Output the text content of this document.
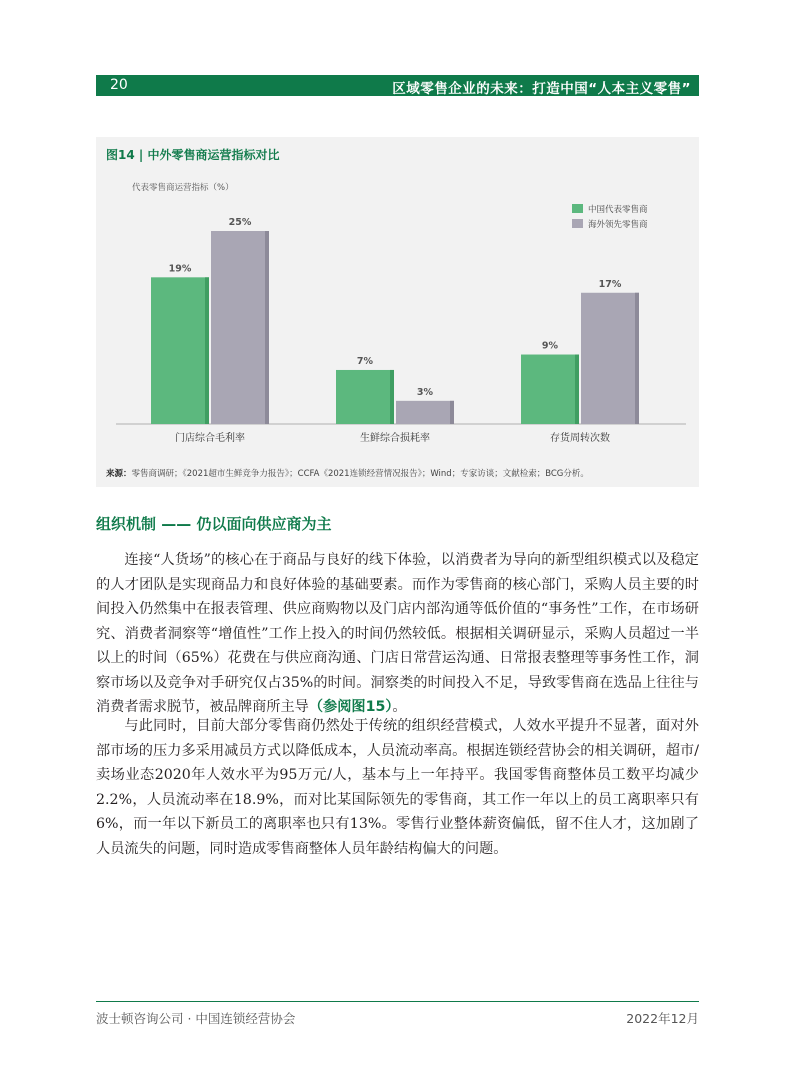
20	区域零售企业的未来：打造中国“人本主义零售”
图14 | 中外零售商运营指标对比
代表零售商运营指标（%）
中国代表零售商
海外领先零售商
19%
25%
门店综合毛利率
7%
3%
生鲜综合损耗率
9%
17%
存货周转次数
来源：零售商调研；《2021超市生鲜竞争力报告》；CCFA《2021连锁经营情况报告》；Wind；专家访谈；文献检索；BCG分析。
组织机制 —— 仍以面向供应商为主

连接“人货场”的核心在于商品与良好的线下体验，以消费者为导向的新型组织模式以及稳定的人才团队是实现商品力和良好体验的基础要素。而作为零售商的核心部门，采购人员主要的时间投入仍然集中在报表管理、供应商购物以及门店内部沟通等低价值的“事务性”工作，在市场研究、消费者洞察等“增值性”工作上投入的时间仍然较低。根据相关调研显示，采购人员超过一半以上的时间（65%）花费在与供应商沟通、门店日常营运沟通、日常报表整理等事务性工作，洞察市场以及竞争对手研究仅占35%的时间。洞察类的时间投入不足，导致零售商在选品上往往与消费者需求脱节，被品牌商所主导（参阅图15）。

与此同时，目前大部分零售商仍然处于传统的组织经营模式，人效水平提升不显著，面对外部市场的压力多采用减员方式以降低成本，人员流动率高。根据连锁经营协会的相关调研，超市/卖场业态2020年人效水平为95万元/人，基本与上一年持平。我国零售商整体员工数平均减少2.2%，人员流动率在18.9%，而对比某国际领先的零售商，其工作一年以上的员工离职率只有6%，而一年以下新员工的离职率也只有13%。零售行业整体薪资偏低，留不住人才，这加剧了人员流失的问题，同时造成零售商整体人员年龄结构偏大的问题。

波士顿咨询公司 · 中国连锁经营协会	2022年12月
